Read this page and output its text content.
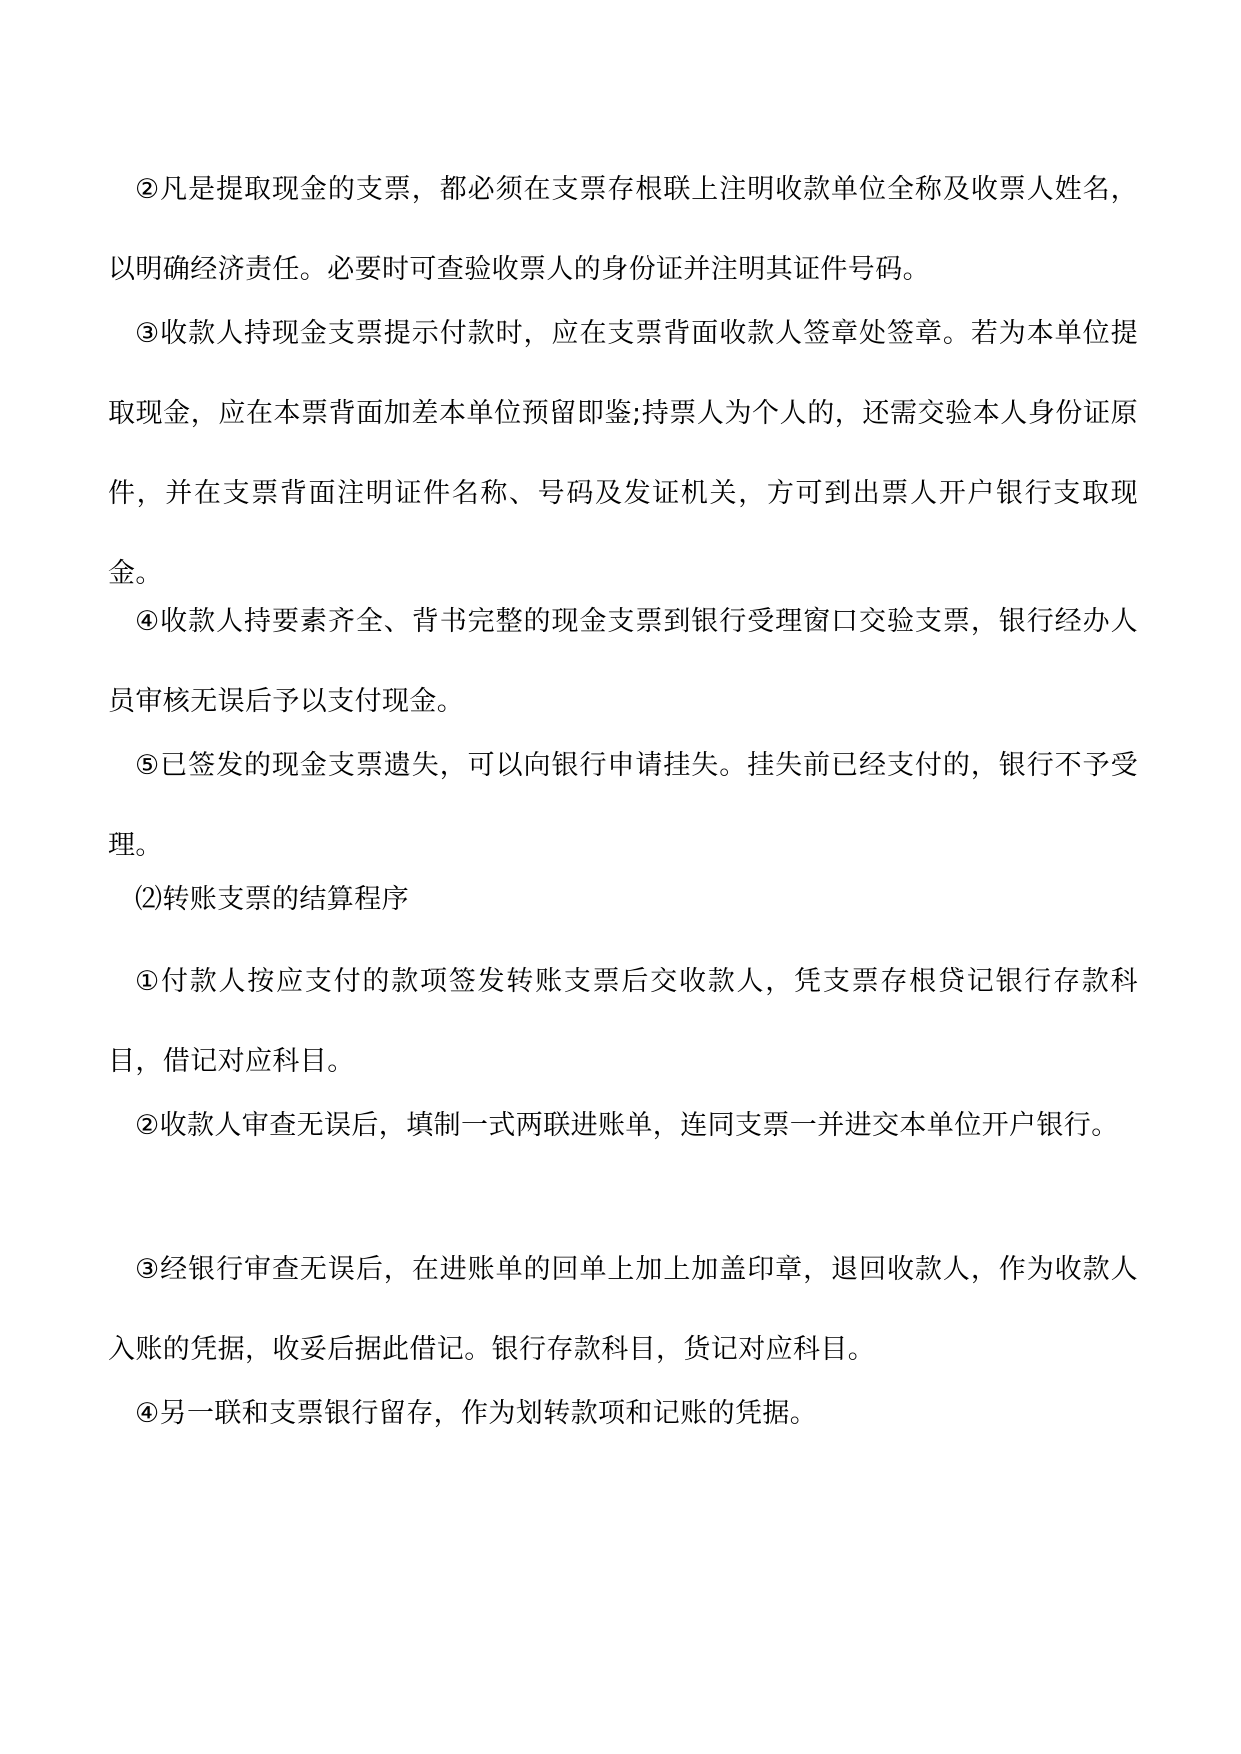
②凡是提取现金的支票，都必须在支票存根联上注明收款单位全称及收票人姓名，以明确经济责任。必要时可查验收票人的身份证并注明其证件号码。

③收款人持现金支票提示付款时，应在支票背面收款人签章处签章。若为本单位提取现金，应在本票背面加差本单位预留即鉴;持票人为个人的，还需交验本人身份证原件，并在支票背面注明证件名称、号码及发证机关，方可到出票人开户银行支取现金。

④收款人持要素齐全、背书完整的现金支票到银行受理窗口交验支票，银行经办人员审核无误后予以支付现金。

⑤已签发的现金支票遗失，可以向银行申请挂失。挂失前已经支付的，银行不予受理。

⑵转账支票的结算程序

①付款人按应支付的款项签发转账支票后交收款人，凭支票存根贷记银行存款科目，借记对应科目。

②收款人审查无误后，填制一式两联进账单，连同支票一并进交本单位开户银行。

③经银行审查无误后，在进账单的回单上加上加盖印章，退回收款人，作为收款人入账的凭据，收妥后据此借记。银行存款科目，货记对应科目。

④另一联和支票银行留存，作为划转款项和记账的凭据。
